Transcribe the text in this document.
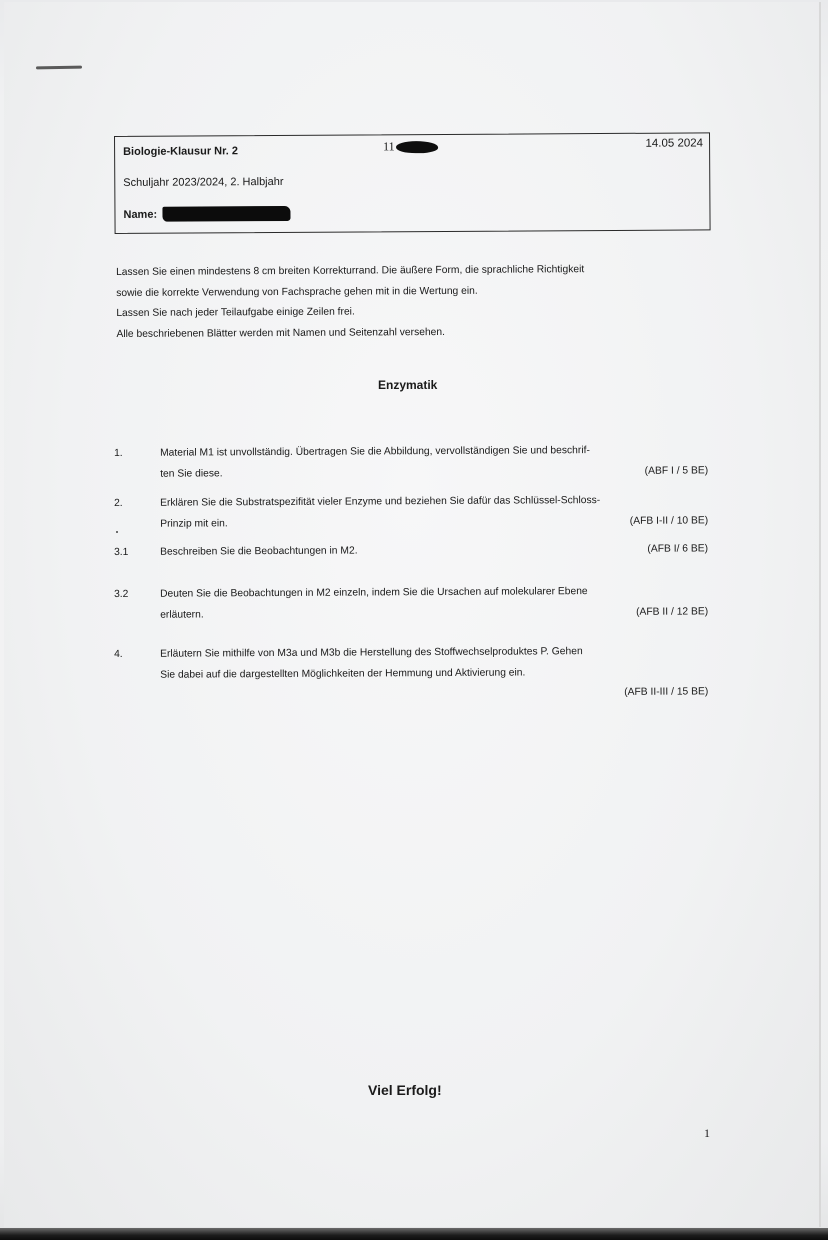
Biologie-Klausur Nr. 2	11	14.05 2024
Schuljahr 2023/2024, 2. Halbjahr
Name:
Lassen Sie einen mindestens 8 cm breiten Korrekturrand. Die äußere Form, die sprachliche Richtigkeit
sowie die korrekte Verwendung von Fachsprache gehen mit in die Wertung ein.
Lassen Sie nach jeder Teilaufgabe einige Zeilen frei.
Alle beschriebenen Blätter werden mit Namen und Seitenzahl versehen.
Enzymatik
1.	Material M1 ist unvollständig. Übertragen Sie die Abbildung, vervollständigen Sie und beschrif-
ten Sie diese.	(ABF I / 5 BE)
2.	Erklären Sie die Substratspezifität vieler Enzyme und beziehen Sie dafür das Schlüssel-Schloss-
Prinzip mit ein.	(AFB I-II / 10 BE)
3.1	Beschreiben Sie die Beobachtungen in M2.	(AFB I/ 6 BE)
3.2	Deuten Sie die Beobachtungen in M2 einzeln, indem Sie die Ursachen auf molekularer Ebene
erläutern.	(AFB II / 12 BE)
4.	Erläutern Sie mithilfe von M3a und M3b die Herstellung des Stoffwechselproduktes P. Gehen
Sie dabei auf die dargestellten Möglichkeiten der Hemmung und Aktivierung ein.
(AFB II-III / 15 BE)
Viel Erfolg!
1
